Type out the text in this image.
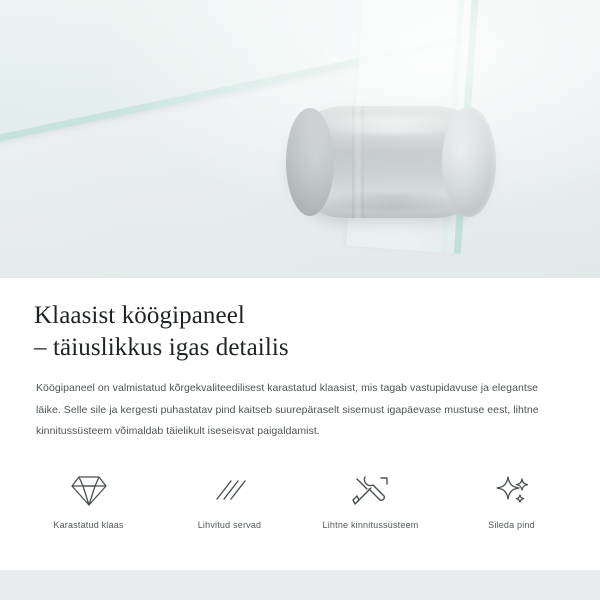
Klaasist köögipaneel
– täiuslikkus igas detailis

Köögipaneel on valmistatud kõrgekvaliteedilisest karastatud klaasist, mis tagab vastupidavuse ja elegantse läike. Selle sile ja kergesti puhastatav pind kaitseb suurepäraselt sisemust igapäevase mustuse eest, lihtne kinnitussüsteem võimaldab täielikult iseseisvat paigaldamist.

Karastatud klaas	Lihvitud servad	Lihtne kinnitussüsteem	Sileda pind
